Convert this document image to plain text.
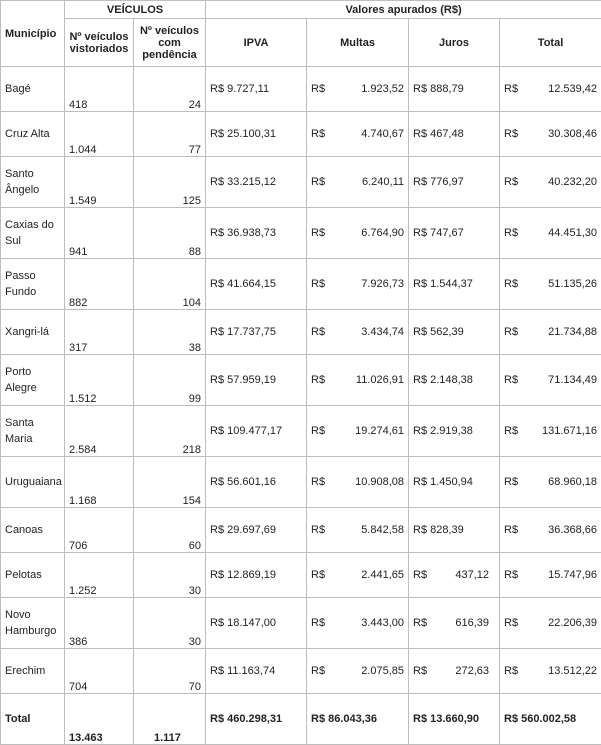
Município	VEÍCULOS		Valores apurados (R$)			
	Nº veículos vistoriados	Nº veículos com pendência	IPVA	Multas	Juros	Total
Bagé	418	24	R$ 9.727,11	R$ 1.923,52	R$ 888,79	R$ 12.539,42

Cruz Alta	1.044	77	R$ 25.100,31	R$ 4.740,67	R$ 467,48	R$ 30.308,46

Santo Ângelo	1.549	125	R$ 33.215,12	R$ 6.240,11	R$ 776,97	R$ 40.232,20

Caxias do Sul	941	88	R$ 36.938,73	R$ 6.764,90	R$ 747,67	R$ 44.451,30

Passo Fundo	882	104	R$ 41.664,15	R$ 7.926,73	R$ 1.544,37	R$ 51.135,26

Xangri-lá	317	38	R$ 17.737,75	R$ 3.434,74	R$ 562,39	R$ 21.734,88

Porto Alegre	1.512	99	R$ 57.959,19	R$ 11.026,91	R$ 2.148,38	R$ 71.134,49

Santa Maria	2.584	218	R$ 109.477,17	R$ 19.274,61	R$ 2.919,38	R$ 131.671,16

Uruguaiana	1.168	154	R$ 56.601,16	R$ 10.908,08	R$ 1.450,94	R$ 68.960,18

Canoas	706	60	R$ 29.697,69	R$ 5.842,58	R$ 828,39	R$ 36.368,66

Pelotas	1.252	30	R$ 12.869,19	R$ 2.441,65	R$ 437,12	R$ 15.747,96

Novo Hamburgo	386	30	R$ 18.147,00	R$ 3.443,00	R$ 616,39	R$ 22.206,39

Erechim	704	70	R$ 11.163,74	R$ 2.075,85	R$ 272,63	R$ 13.512,22

Total	13.463	1.117	R$ 460.298,31	R$ 86.043,36	R$ 13.660,90	R$ 560.002,58
